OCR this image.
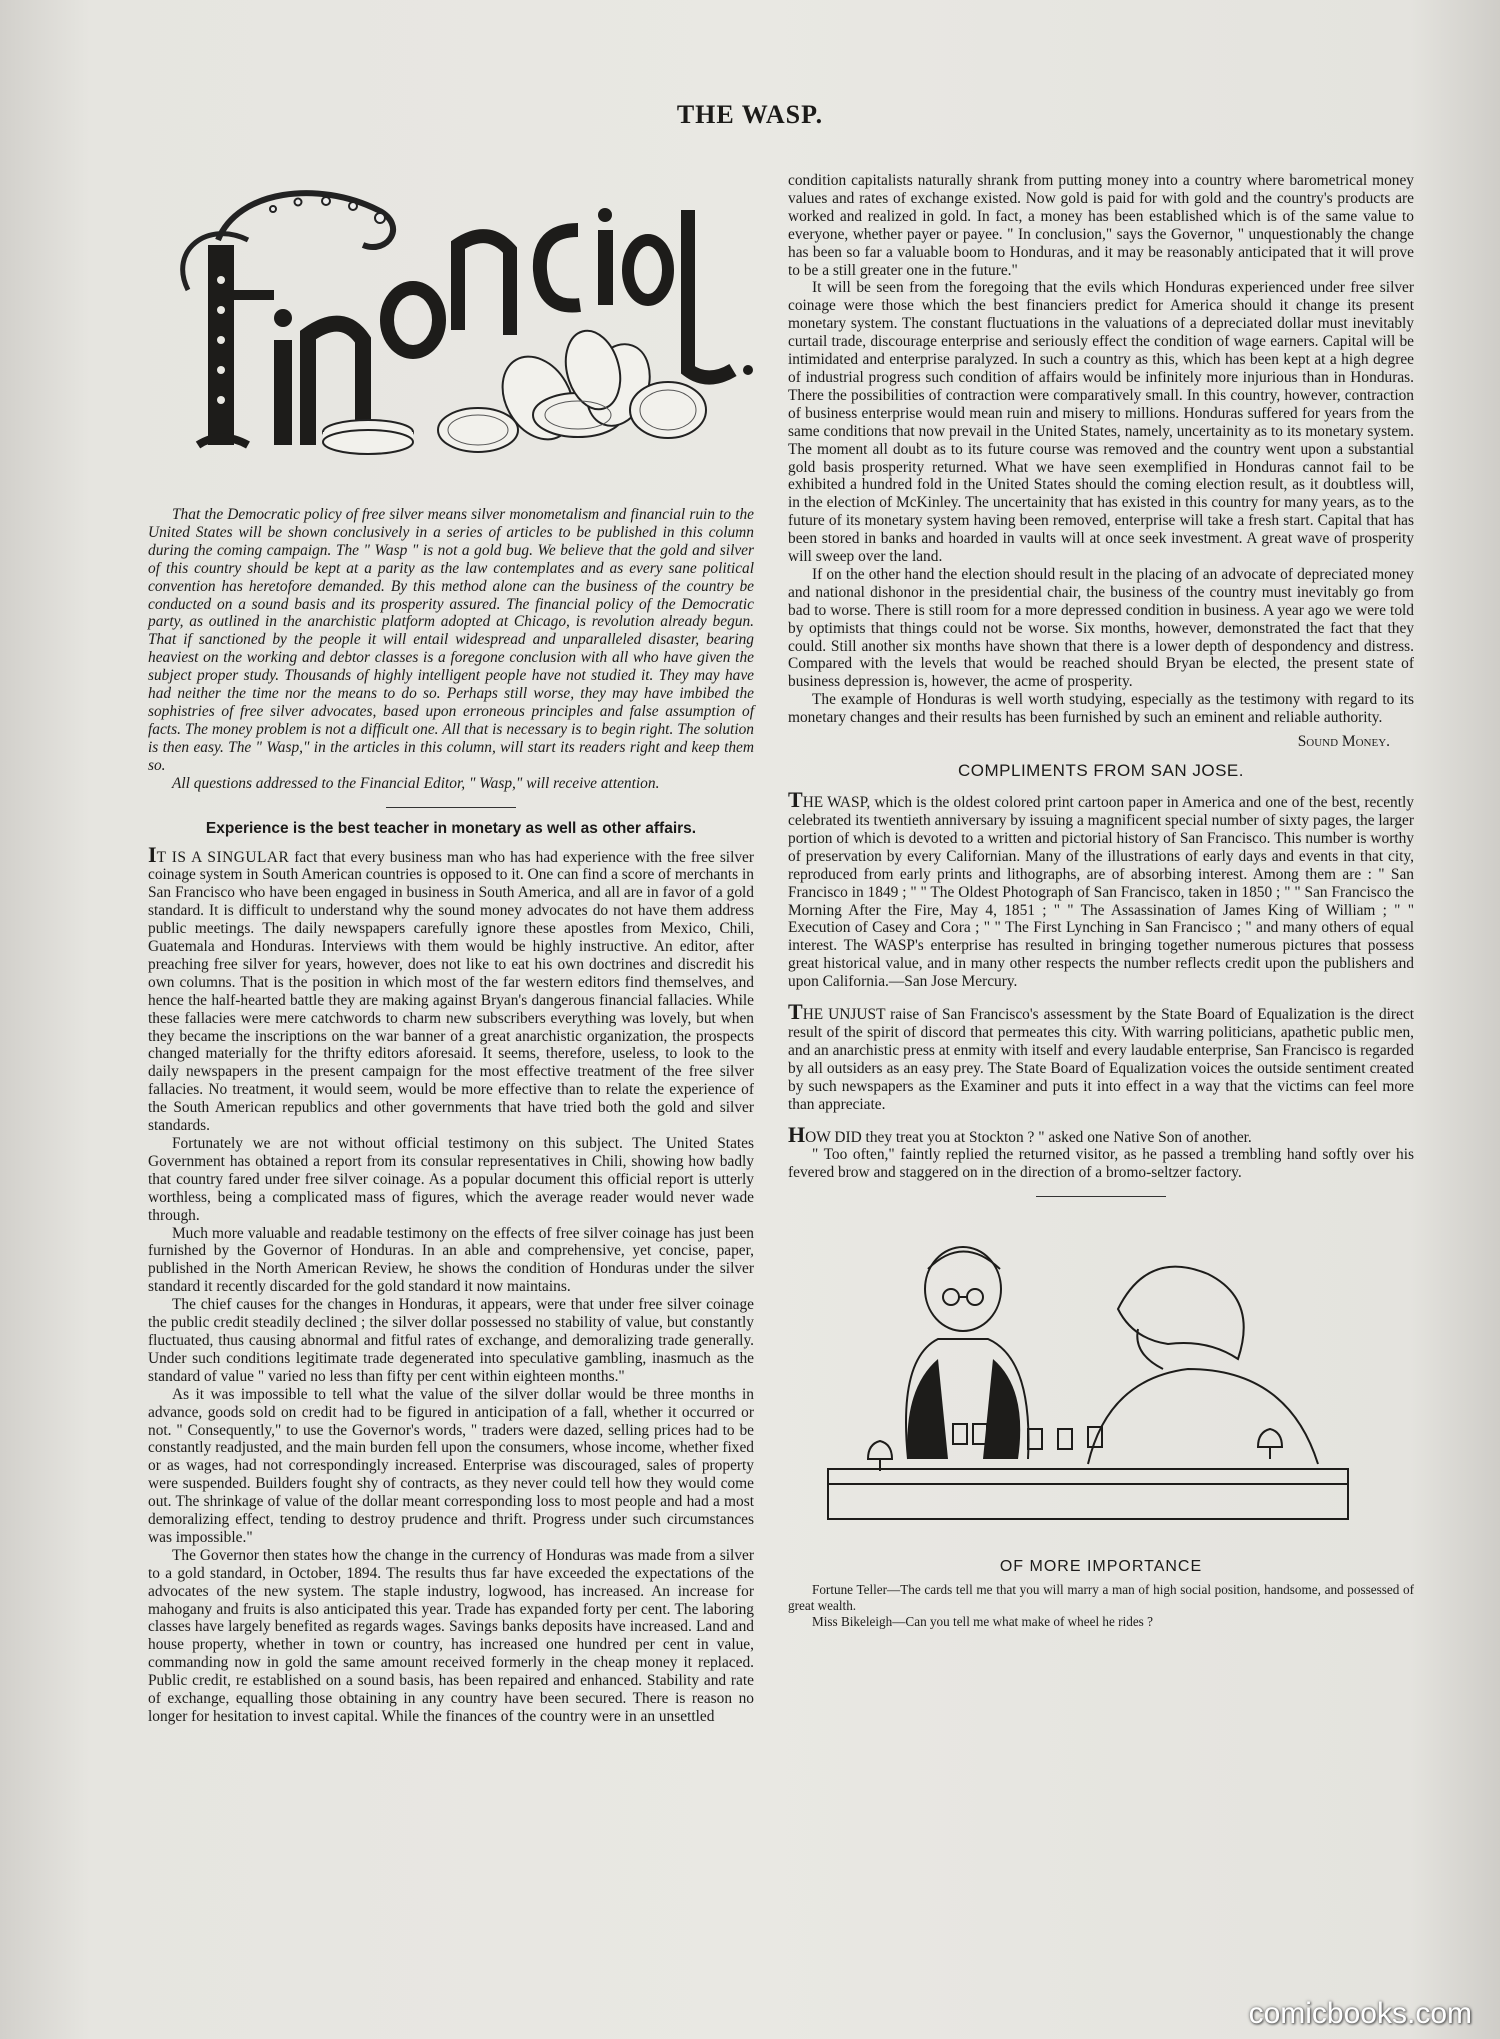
THE WASP.

That the Democratic policy of free silver means silver monometalism and financial ruin to the United States will be shown conclusively in a series of articles to be published in this column during the coming campaign. The " Wasp " is not a gold bug. We believe that the gold and silver of this country should be kept at a parity as the law contemplates and as every sane political convention has heretofore demanded. By this method alone can the business of the country be conducted on a sound basis and its prosperity assured. The financial policy of the Democratic party, as outlined in the anarchistic platform adopted at Chicago, is revolution already begun. That if sanctioned by the people it will entail widespread and unparalleled disaster, bearing heaviest on the working and debtor classes is a foregone conclusion with all who have given the subject proper study. Thousands of highly intelligent people have not studied it. They may have had neither the time nor the means to do so. Perhaps still worse, they may have imbibed the sophistries of free silver advocates, based upon erroneous principles and false assumption of facts. The money problem is not a difficult one. All that is necessary is to begin right. The solution is then easy. The " Wasp," in the articles in this column, will start its readers right and keep them so.

All questions addressed to the Financial Editor, " Wasp," will receive attention.

Experience is the best teacher in monetary as well as other affairs.

IT IS A SINGULAR fact that every business man who has had experience with the free silver coinage system in South American countries is opposed to it. One can find a score of merchants in San Francisco who have been engaged in business in South America, and all are in favor of a gold standard. It is difficult to understand why the sound money advocates do not have them address public meetings. The daily newspapers carefully ignore these apostles from Mexico, Chili, Guatemala and Honduras. Interviews with them would be highly instructive. An editor, after preaching free silver for years, however, does not like to eat his own doctrines and discredit his own columns. That is the position in which most of the far western editors find themselves, and hence the half-hearted battle they are making against Bryan's dangerous financial fallacies. While these fallacies were mere catchwords to charm new subscribers everything was lovely, but when they became the inscriptions on the war banner of a great anarchistic organization, the prospects changed materially for the thrifty editors aforesaid. It seems, therefore, useless, to look to the daily newspapers in the present campaign for the most effective treatment of the free silver fallacies. No treatment, it would seem, would be more effective than to relate the experience of the South American republics and other governments that have tried both the gold and silver standards.

Fortunately we are not without official testimony on this subject. The United States Government has obtained a report from its consular representatives in Chili, showing how badly that country fared under free silver coinage. As a popular document this official report is utterly worthless, being a complicated mass of figures, which the average reader would never wade through.

Much more valuable and readable testimony on the effects of free silver coinage has just been furnished by the Governor of Honduras. In an able and comprehensive, yet concise, paper, published in the North American Review, he shows the condition of Honduras under the silver standard it recently discarded for the gold standard it now maintains.

The chief causes for the changes in Honduras, it appears, were that under free silver coinage the public credit steadily declined ; the silver dollar possessed no stability of value, but constantly fluctuated, thus causing abnormal and fitful rates of exchange, and demoralizing trade generally. Under such conditions legitimate trade degenerated into speculative gambling, inasmuch as the standard of value " varied no less than fifty per cent within eighteen months."

As it was impossible to tell what the value of the silver dollar would be three months in advance, goods sold on credit had to be figured in anticipation of a fall, whether it occurred or not. " Consequently," to use the Governor's words, " traders were dazed, selling prices had to be constantly readjusted, and the main burden fell upon the consumers, whose income, whether fixed or as wages, had not correspondingly increased. Enterprise was discouraged, sales of property were suspended. Builders fought shy of contracts, as they never could tell how they would come out. The shrinkage of value of the dollar meant corresponding loss to most people and had a most demoralizing effect, tending to destroy prudence and thrift. Progress under such circumstances was impossible."

The Governor then states how the change in the currency of Honduras was made from a silver to a gold standard, in October, 1894. The results thus far have exceeded the expectations of the advocates of the new system. The staple industry, logwood, has increased. An increase for mahogany and fruits is also anticipated this year. Trade has expanded forty per cent. The laboring classes have largely benefited as regards wages. Savings banks deposits have increased. Land and house property, whether in town or country, has increased one hundred per cent in value, commanding now in gold the same amount received formerly in the cheap money it replaced. Public credit, re established on a sound basis, has been repaired and enhanced. Stability and rate of exchange, equalling those obtaining in any country have been secured. There is reason no longer for hesitation to invest capital. While the finances of the country were in an unsettled

condition capitalists naturally shrank from putting money into a country where barometrical money values and rates of exchange existed. Now gold is paid for with gold and the country's products are worked and realized in gold. In fact, a money has been established which is of the same value to everyone, whether payer or payee. " In conclusion," says the Governor, " unquestionably the change has been so far a valuable boom to Honduras, and it may be reasonably anticipated that it will prove to be a still greater one in the future."

It will be seen from the foregoing that the evils which Honduras experienced under free silver coinage were those which the best financiers predict for America should it change its present monetary system. The constant fluctuations in the valuations of a depreciated dollar must inevitably curtail trade, discourage enterprise and seriously effect the condition of wage earners. Capital will be intimidated and enterprise paralyzed. In such a country as this, which has been kept at a high degree of industrial progress such condition of affairs would be infinitely more injurious than in Honduras. There the possibilities of contraction were comparatively small. In this country, however, contraction of business enterprise would mean ruin and misery to millions. Honduras suffered for years from the same conditions that now prevail in the United States, namely, uncertainity as to its monetary system. The moment all doubt as to its future course was removed and the country went upon a substantial gold basis prosperity returned. What we have seen exemplified in Honduras cannot fail to be exhibited a hundred fold in the United States should the coming election result, as it doubtless will, in the election of McKinley. The uncertainity that has existed in this country for many years, as to the future of its monetary system having been removed, enterprise will take a fresh start. Capital that has been stored in banks and hoarded in vaults will at once seek investment. A great wave of prosperity will sweep over the land.

If on the other hand the election should result in the placing of an advocate of depreciated money and national dishonor in the presidential chair, the business of the country must inevitably go from bad to worse. There is still room for a more depressed condition in business. A year ago we were told by optimists that things could not be worse. Six months, however, demonstrated the fact that they could. Still another six months have shown that there is a lower depth of despondency and distress. Compared with the levels that would be reached should Bryan be elected, the present state of business depression is, however, the acme of prosperity.

The example of Honduras is well worth studying, especially as the testimony with regard to its monetary changes and their results has been furnished by such an eminent and reliable authority.

Sound Money.
COMPLIMENTS FROM SAN JOSE.

THE WASP, which is the oldest colored print cartoon paper in America and one of the best, recently celebrated its twentieth anniversary by issuing a magnificent special number of sixty pages, the larger portion of which is devoted to a written and pictorial history of San Francisco. This number is worthy of preservation by every Californian. Many of the illustrations of early days and events in that city, reproduced from early prints and lithographs, are of absorbing interest. Among them are : " San Francisco in 1849 ; " " The Oldest Photograph of San Francisco, taken in 1850 ; " " San Francisco the Morning After the Fire, May 4, 1851 ; " " The Assassination of James King of William ; " " Execution of Casey and Cora ; " " The First Lynching in San Francisco ; " and many others of equal interest. The WASP's enterprise has resulted in bringing together numerous pictures that possess great historical value, and in many other respects the number reflects credit upon the publishers and upon California.—San Jose Mercury.

THE UNJUST raise of San Francisco's assessment by the State Board of Equalization is the direct result of the spirit of discord that permeates this city. With warring politicians, apathetic public men, and an anarchistic press at enmity with itself and every laudable enterprise, San Francisco is regarded by all outsiders as an easy prey. The State Board of Equalization voices the outside sentiment created by such newspapers as the Examiner and puts it into effect in a way that the victims can feel more than appreciate.

HOW DID they treat you at Stockton ? " asked one Native Son of another.

" Too often," faintly replied the returned visitor, as he passed a trembling hand softly over his fevered brow and staggered on in the direction of a bromo-seltzer factory.

OF MORE IMPORTANCE

Fortune Teller—The cards tell me that you will marry a man of high social position, handsome, and possessed of great wealth.

Miss Bikeleigh—Can you tell me what make of wheel he rides ?

comicbooks.com
